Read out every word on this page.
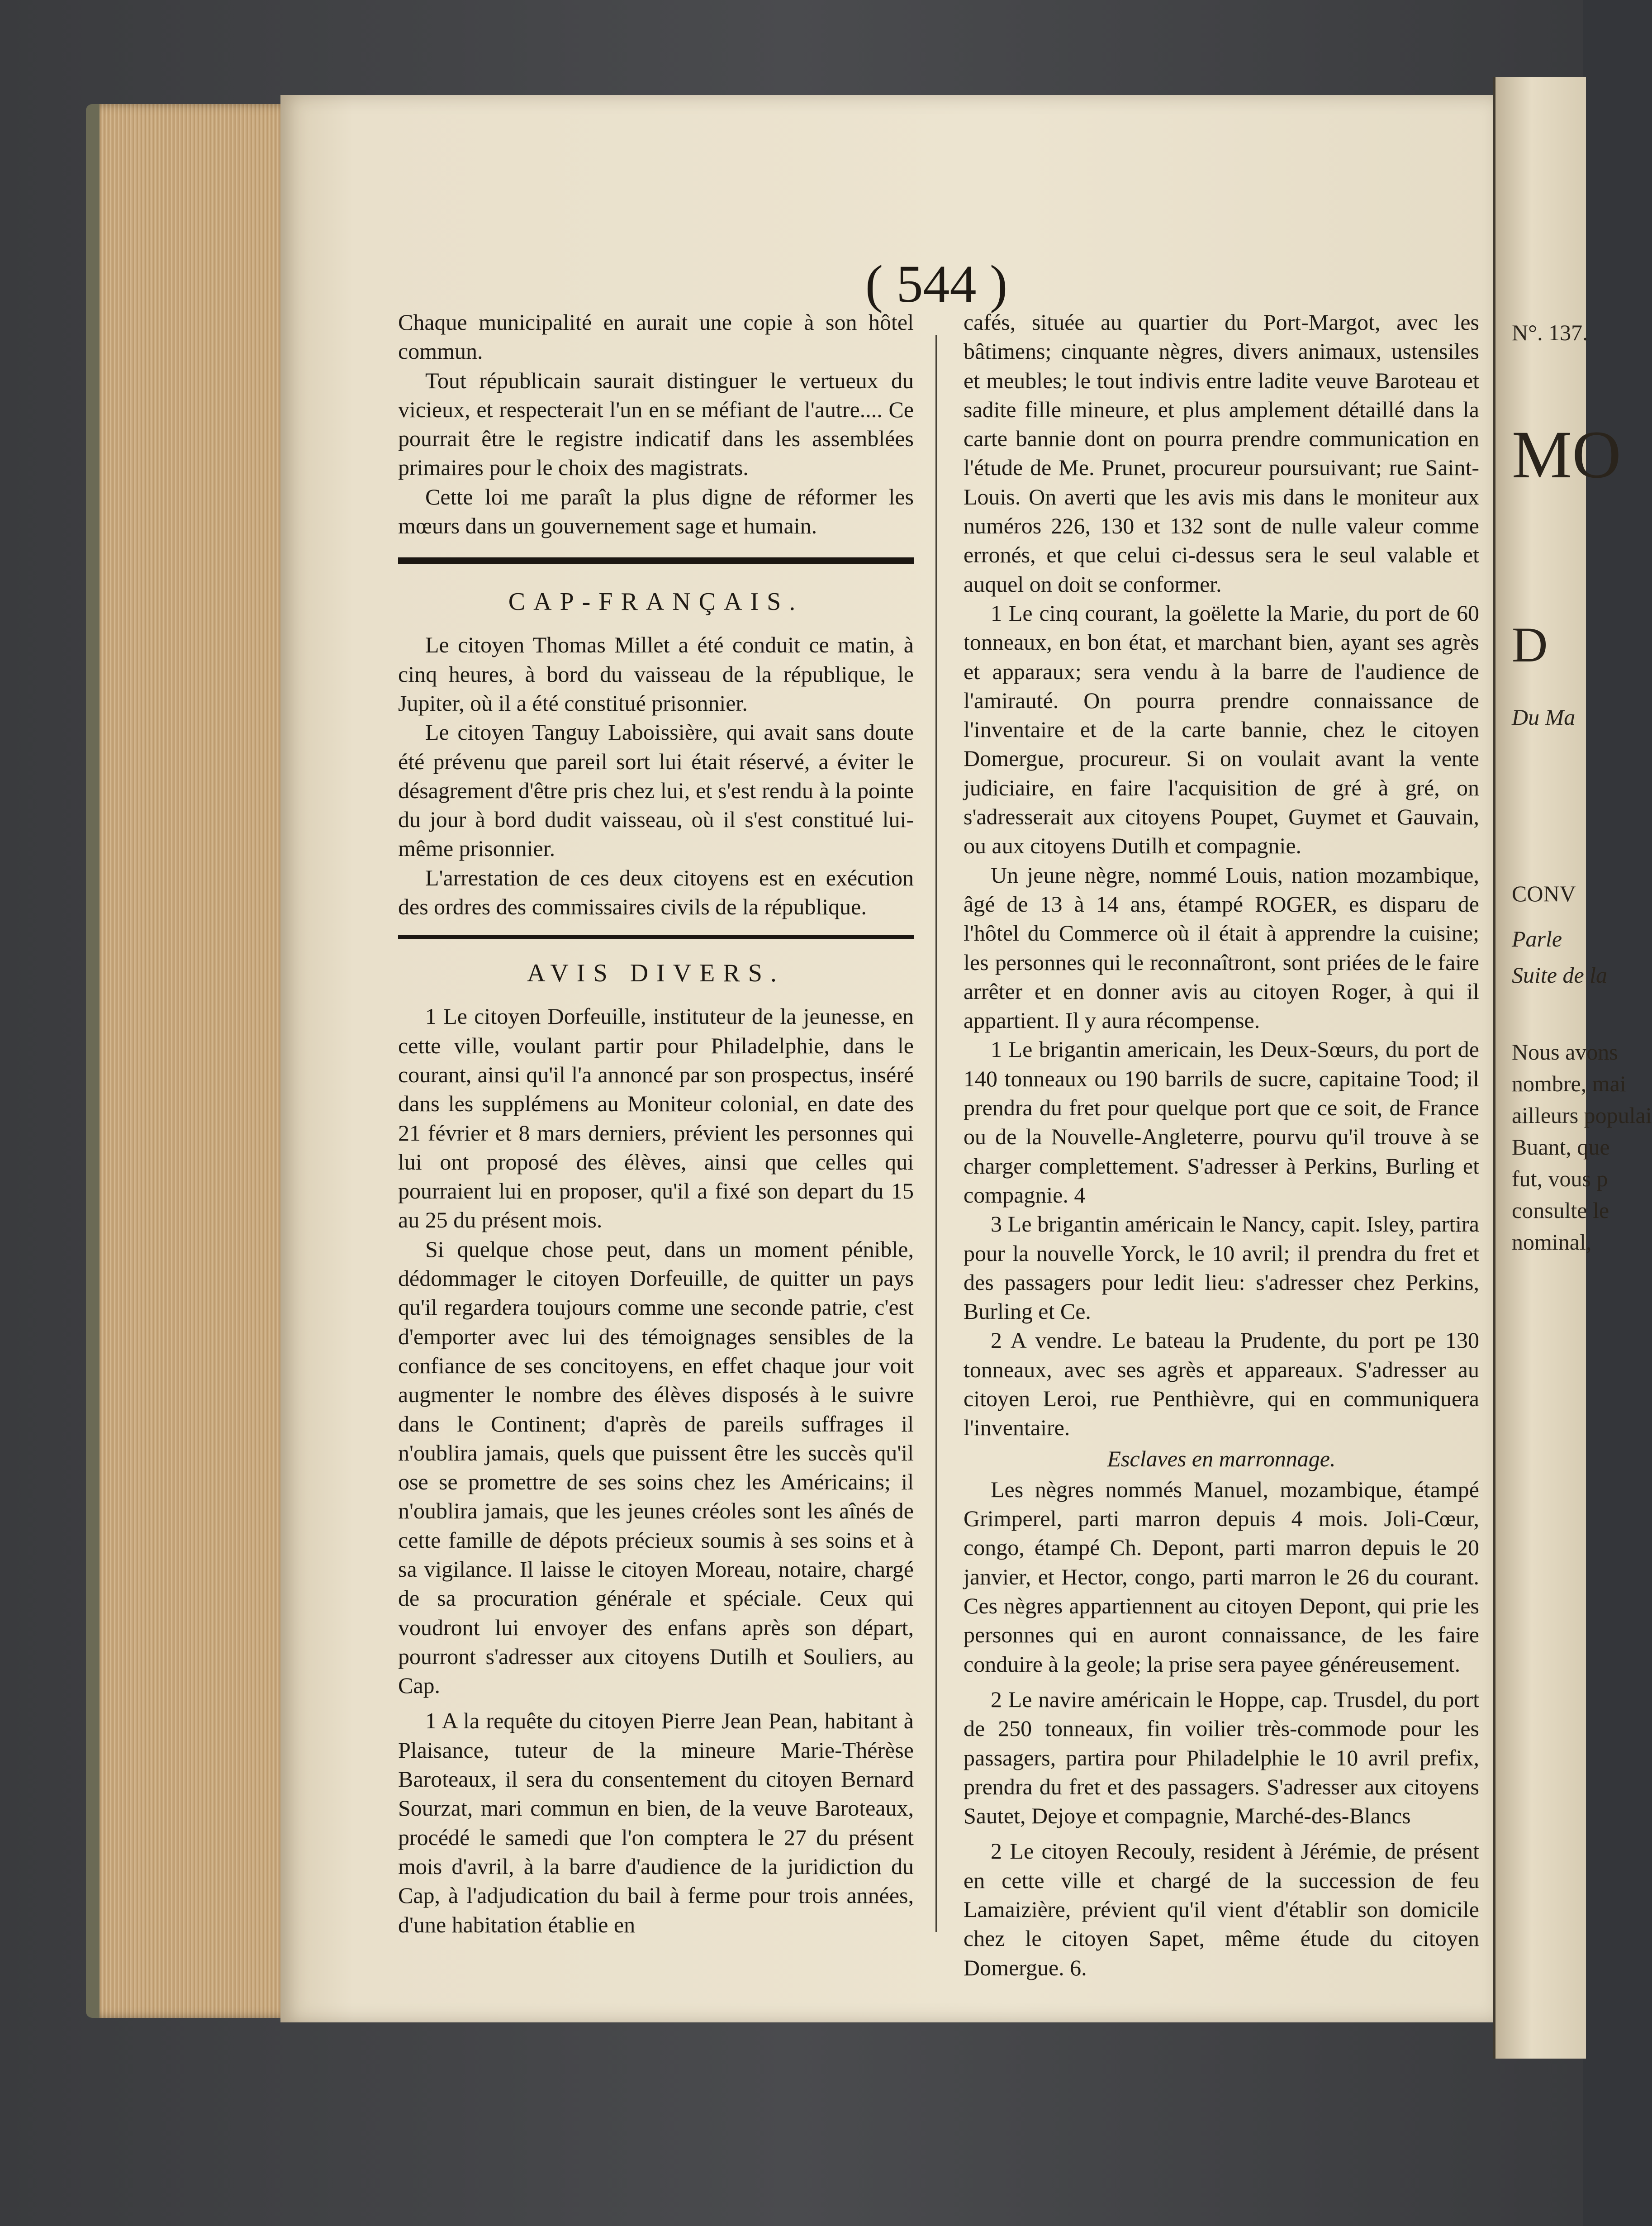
N°. 137.
MO
D
Du Ma
CONV
Parle
Suite de la
Nous avons
nombre, mai
ailleurs populai
Buant, que
fut, vous p
consulte le
nominal,
( 544 )

Chaque municipalité en aurait une copie à son hôtel commun.

Tout républicain saurait distinguer le vertueux du vicieux, et respecterait l'un en se méfiant de l'autre.... Ce pourrait être le registre indicatif dans les assemblées primaires pour le choix des magistrats.

Cette loi me paraît la plus digne de réformer les mœurs dans un gouvernement sage et humain.

CAP-FRANÇAIS.

Le citoyen Thomas Millet a été conduit ce matin, à cinq heures, à bord du vaisseau de la république, le Jupiter, où il a été constitué prisonnier.

Le citoyen Tanguy Laboissière, qui avait sans doute été prévenu que pareil sort lui était réservé, a éviter le désagrement d'être pris chez lui, et s'est rendu à la pointe du jour à bord dudit vaisseau, où il s'est constitué lui-même prisonnier.

L'arrestation de ces deux citoyens est en exécution des ordres des commissaires civils de la république.

AVIS DIVERS.

1 Le citoyen Dorfeuille, instituteur de la jeunesse, en cette ville, voulant partir pour Philadelphie, dans le courant, ainsi qu'il l'a annoncé par son prospectus, inséré dans les supplémens au Moniteur colonial, en date des 21 février et 8 mars derniers, prévient les personnes qui lui ont proposé des élèves, ainsi que celles qui pourraient lui en proposer, qu'il a fixé son depart du 15 au 25 du présent mois.

Si quelque chose peut, dans un moment pénible, dédommager le citoyen Dorfeuille, de quitter un pays qu'il regardera toujours comme une seconde patrie, c'est d'emporter avec lui des témoignages sensibles de la confiance de ses concitoyens, en effet chaque jour voit augmenter le nombre des élèves disposés à le suivre dans le Continent; d'après de pareils suffrages il n'oublira jamais, quels que puissent être les succès qu'il ose se promettre de ses soins chez les Américains; il n'oublira jamais, que les jeunes créoles sont les aînés de cette famille de dépots précieux soumis à ses soins et à sa vigilance. Il laisse le citoyen Moreau, notaire, chargé de sa procuration générale et spéciale. Ceux qui voudront lui envoyer des enfans après son départ, pourront s'adresser aux citoyens Dutilh et Souliers, au Cap.

1 A la requête du citoyen Pierre Jean Pean, habitant à Plaisance, tuteur de la mineure Marie-Thérèse Baroteaux, il sera du consentement du citoyen Bernard Sourzat, mari commun en bien, de la veuve Baroteaux, procédé le samedi que l'on comptera le 27 du présent mois d'avril, à la barre d'audience de la juridiction du Cap, à l'adjudication du bail à ferme pour trois années, d'une habitation établie en

cafés, située au quartier du Port-Margot, avec les bâtimens; cinquante nègres, divers animaux, ustensiles et meubles; le tout indivis entre ladite veuve Baroteau et sadite fille mineure, et plus amplement détaillé dans la carte bannie dont on pourra prendre communication en l'étude de Me. Prunet, procureur poursuivant; rue Saint-Louis. On averti que les avis mis dans le moniteur aux numéros 226, 130 et 132 sont de nulle valeur comme erronés, et que celui ci-dessus sera le seul valable et auquel on doit se conformer.

1 Le cinq courant, la goëlette la Marie, du port de 60 tonneaux, en bon état, et marchant bien, ayant ses agrès et apparaux; sera vendu à la barre de l'audience de l'amirauté. On pourra prendre connaissance de l'inventaire et de la carte bannie, chez le citoyen Domergue, procureur. Si on voulait avant la vente judiciaire, en faire l'acquisition de gré à gré, on s'adresserait aux citoyens Poupet, Guymet et Gauvain, ou aux citoyens Dutilh et compagnie.

Un jeune nègre, nommé Louis, nation mozambique, âgé de 13 à 14 ans, étampé ROGER, es disparu de l'hôtel du Commerce où il était à apprendre la cuisine; les personnes qui le reconnaîtront, sont priées de le faire arrêter et en donner avis au citoyen Roger, à qui il appartient. Il y aura récompense.

1 Le brigantin americain, les Deux-Sœurs, du port de 140 tonneaux ou 190 barrils de sucre, capitaine Tood; il prendra du fret pour quelque port que ce soit, de France ou de la Nouvelle-Angleterre, pourvu qu'il trouve à se charger complettement. S'adresser à Perkins, Burling et compagnie. 4

3 Le brigantin américain le Nancy, capit. Isley, partira pour la nouvelle Yorck, le 10 avril; il prendra du fret et des passagers pour ledit lieu: s'adresser chez Perkins, Burling et Ce.

2 A vendre. Le bateau la Prudente, du port pe 130 tonneaux, avec ses agrès et appareaux. S'adresser au citoyen Leroi, rue Penthièvre, qui en communiquera l'inventaire.

Esclaves en marronnage.

Les nègres nommés Manuel, mozambique, étampé Grimperel, parti marron depuis 4 mois. Joli-Cœur, congo, étampé Ch. Depont, parti marron depuis le 20 janvier, et Hector, congo, parti marron le 26 du courant. Ces nègres appartiennent au citoyen Depont, qui prie les personnes qui en auront connaissance, de les faire conduire à la geole; la prise sera payee généreusement.

2 Le navire américain le Hoppe, cap. Trusdel, du port de 250 tonneaux, fin voilier très-commode pour les passagers, partira pour Philadelphie le 10 avril prefix, prendra du fret et des passagers. S'adresser aux citoyens Sautet, Dejoye et compagnie, Marché-des-Blancs

2 Le citoyen Recouly, resident à Jérémie, de présent en cette ville et chargé de la succession de feu Lamaizière, prévient qu'il vient d'établir son domicile chez le citoyen Sapet, même étude du citoyen Domergue. 6.
